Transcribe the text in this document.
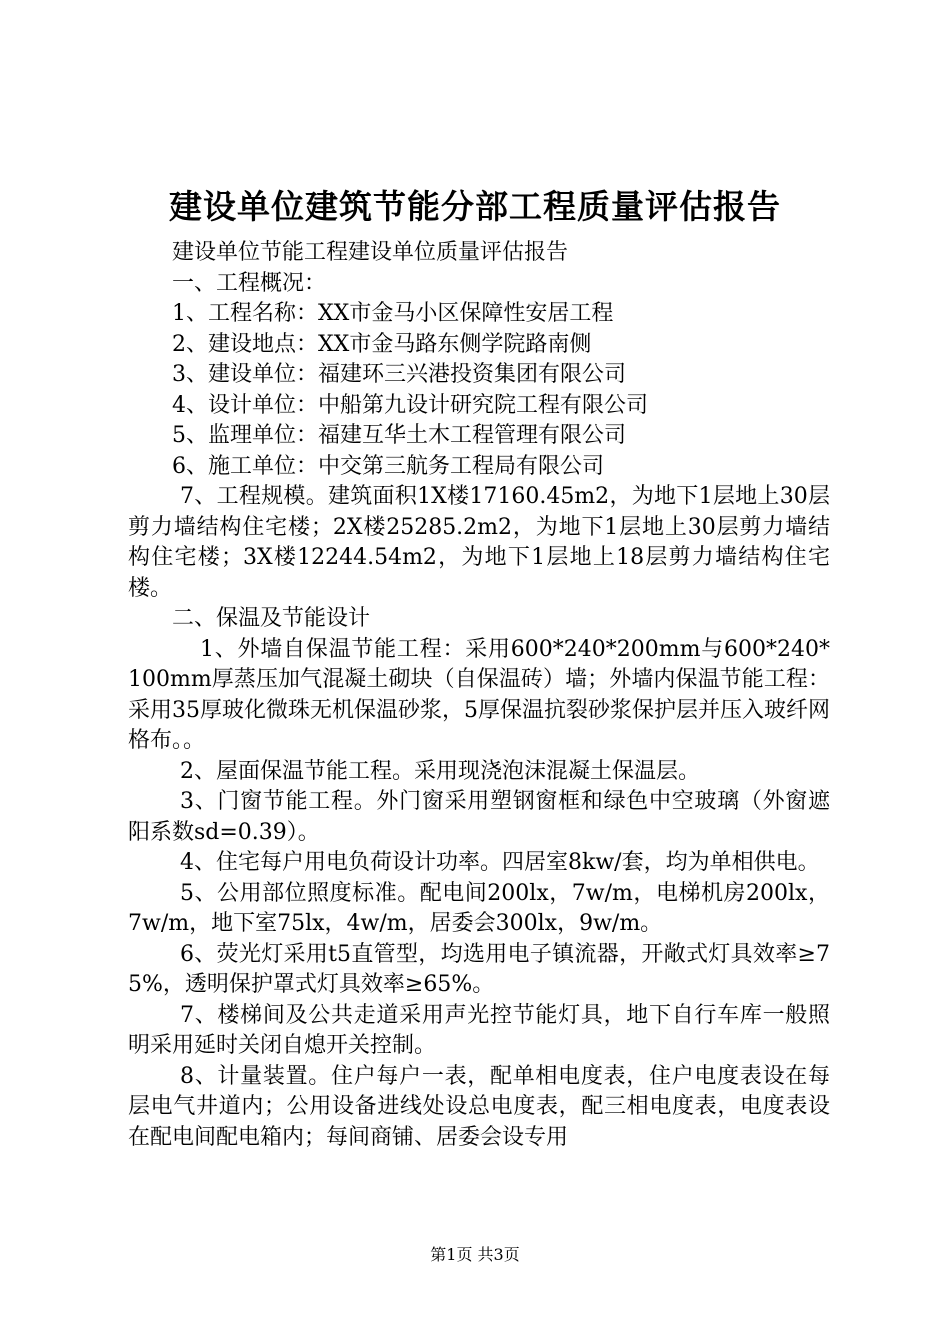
建设单位建筑节能分部工程质量评估报告

建设单位节能工程建设单位质量评估报告

一、工程概况：

1、工程名称：XX市金马小区保障性安居工程

2、建设地点：XX市金马路东侧学院路南侧

3、建设单位：福建环三兴港投资集团有限公司

4、设计单位：中船第九设计研究院工程有限公司

5、监理单位：福建互华土木工程管理有限公司

6、施工单位：中交第三航务工程局有限公司

7、工程规模。建筑面积1X楼17160.45m2，为地下1层地上30层剪力墙结构住宅楼；2X楼25285.2m2，为地下1层地上30层剪力墙结构住宅楼；3X楼12244.54m2，为地下1层地上18层剪力墙结构住宅楼。

二、保温及节能设计

1、外墙自保温节能工程：采用600*240*200mm与600*240*100mm厚蒸压加气混凝土砌块（自保温砖）墙；外墙内保温节能工程：采用35厚玻化微珠无机保温砂浆，5厚保温抗裂砂浆保护层并压入玻纤网格布。。

2、屋面保温节能工程。采用现浇泡沫混凝土保温层。

3、门窗节能工程。外门窗采用塑钢窗框和绿色中空玻璃（外窗遮阳系数sd=0.39）。

4、住宅每户用电负荷设计功率。四居室8kw/套，均为单相供电。

5、公用部位照度标准。配电间200lx，7w/m，电梯机房200lx，7w/m，地下室75lx，4w/m，居委会300lx，9w/m。

6、荧光灯采用t5直管型，均选用电子镇流器，开敞式灯具效率≥75%，透明保护罩式灯具效率≥65%。

7、楼梯间及公共走道采用声光控节能灯具，地下自行车库一般照明采用延时关闭自熄开关控制。

8、计量装置。住户每户一表，配单相电度表，住户电度表设在每层电气井道内；公用设备进线处设总电度表，配三相电度表，电度表设在配电间配电箱内；每间商铺、居委会设专用

第1页 共3页
